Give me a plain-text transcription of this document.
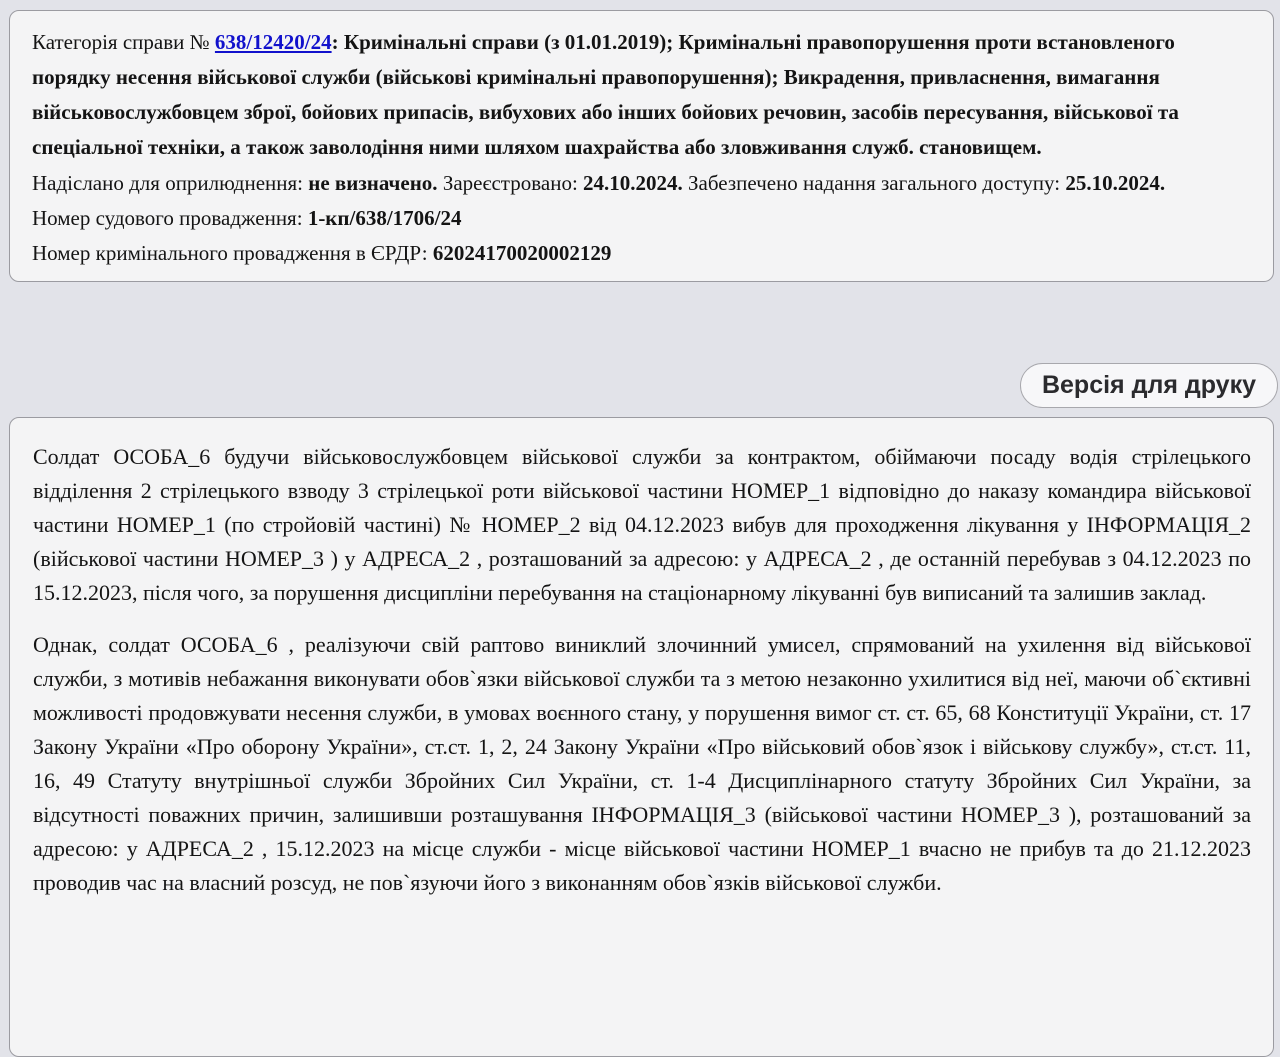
Категорія справи № 638/12420/24: Кримінальні справи (з 01.01.2019); Кримінальні правопорушення проти встановленого порядку несення військової служби (військові кримінальні правопорушення); Викрадення, привласнення, вимагання військовослужбовцем зброї, бойових припасів, вибухових або інших бойових речовин, засобів пересування, військової та спеціальної техніки, а також заволодіння ними шляхом шахрайства або зловживання служб. становищем.

Надіслано для оприлюднення: не визначено. Зареєстровано: 24.10.2024. Забезпечено надання загального доступу: 25.10.2024.

Номер судового провадження: 1-кп/638/1706/24

Номер кримінального провадження в ЄРДР: 62024170020002129

Версія для друку

Солдат ОСОБА_6 будучи військовослужбовцем військової служби за контрактом, обіймаючи посаду водія стрілецького відділення 2 стрілецького взводу 3 стрілецької роти військової частини НОМЕР_1 відповідно до наказу командира військової частини НОМЕР_1 (по стройовій частині) № НОМЕР_2 від 04.12.2023 вибув для проходження лікування у ІНФОРМАЦІЯ_2 (військової частини НОМЕР_3 ) у АДРЕСА_2 , розташований за адресою: у АДРЕСА_2 , де останній перебував з 04.12.2023 по 15.12.2023, після чого, за порушення дисципліни перебування на стаціонарному лікуванні був виписаний та залишив заклад.

Однак, солдат ОСОБА_6 , реалізуючи свій раптово виниклий злочинний умисел, спрямований на ухилення від військової служби, з мотивів небажання виконувати обов`язки військової служби та з метою незаконно ухилитися від неї, маючи об`єктивні можливості продовжувати несення служби, в умовах воєнного стану, у порушення вимог ст. ст. 65, 68 Конституції України, ст. 17 Закону України «Про оборону України», ст.ст. 1, 2, 24 Закону України «Про військовий обов`язок і військову службу», ст.ст. 11, 16, 49 Статуту внутрішньої служби Збройних Сил України, ст. 1-4 Дисциплінарного статуту Збройних Сил України, за відсутності поважних причин, залишивши розташування ІНФОРМАЦІЯ_3 (військової частини НОМЕР_3 ), розташований за адресою: у АДРЕСА_2 , 15.12.2023 на місце служби - місце військової частини НОМЕР_1 вчасно не прибув та до 21.12.2023 проводив час на власний розсуд, не пов`язуючи його з виконанням обов`язків військової служби.
